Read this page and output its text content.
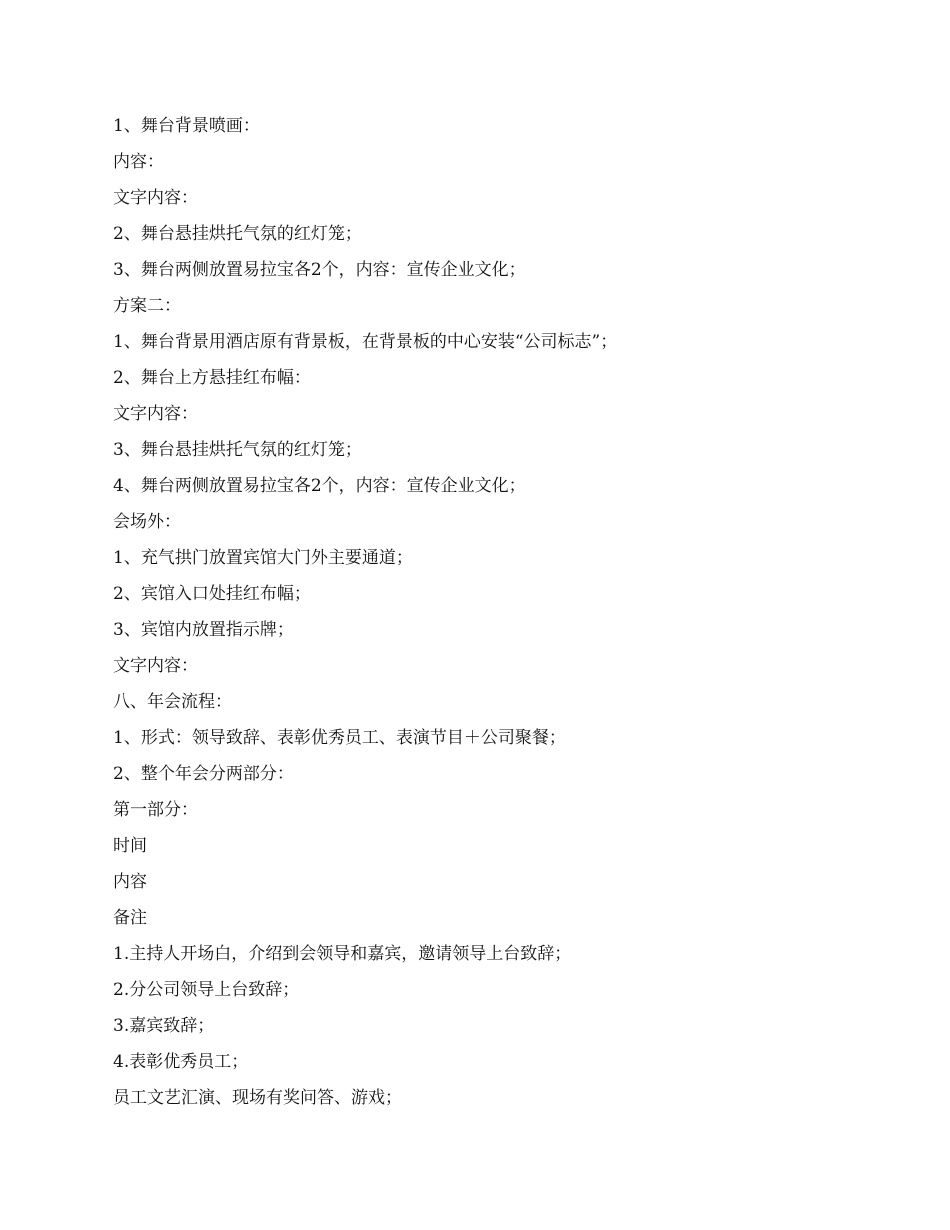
1、舞台背景喷画：

内容：

文字内容：

2、舞台悬挂烘托气氛的红灯笼；

3、舞台两侧放置易拉宝各2个，内容：宣传企业文化；

方案二：

1、舞台背景用酒店原有背景板，在背景板的中心安装“公司标志”；

2、舞台上方悬挂红布幅：

文字内容：

3、舞台悬挂烘托气氛的红灯笼；

4、舞台两侧放置易拉宝各2个，内容：宣传企业文化；

会场外：

1、充气拱门放置宾馆大门外主要通道；

2、宾馆入口处挂红布幅；

3、宾馆内放置指示牌；

文字内容：

八、年会流程：

1、形式：领导致辞、表彰优秀员工、表演节目＋公司聚餐；

2、整个年会分两部分：

第一部分：

时间

内容

备注

1.主持人开场白，介绍到会领导和嘉宾，邀请领导上台致辞；

2.分公司领导上台致辞；

3.嘉宾致辞；

4.表彰优秀员工；

员工文艺汇演、现场有奖问答、游戏；
